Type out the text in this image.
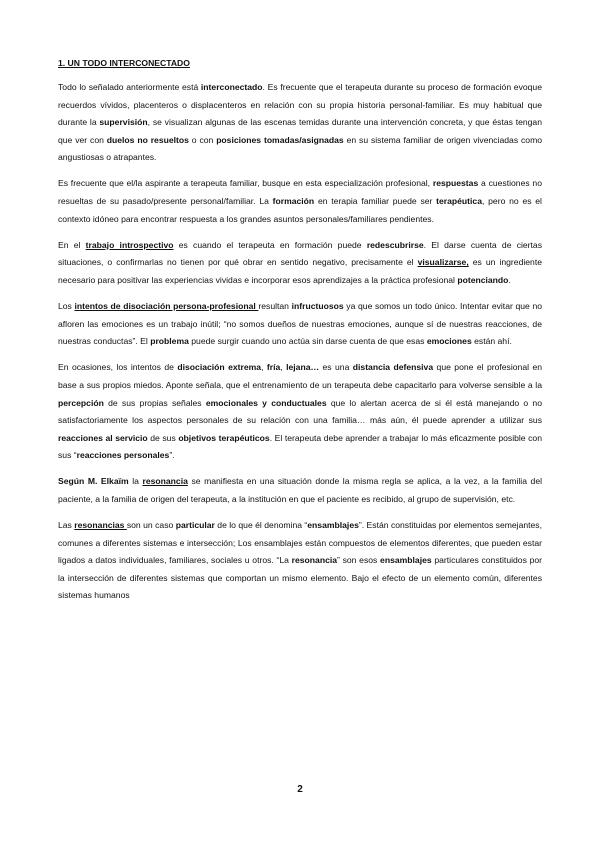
1. UN TODO INTERCONECTADO

Todo lo señalado anteriormente está interconectado. Es frecuente que el terapeuta durante su proceso de formación evoque recuerdos vívidos, placenteros o displacenteros en relación con su propia historia personal-familiar. Es muy habitual que durante la supervisión, se visualizan algunas de las escenas temidas durante una intervención concreta, y que éstas tengan que ver con duelos no resueltos o con posiciones tomadas/asignadas en su sistema familiar de origen vivenciadas como angustiosas o atrapantes.

Es frecuente que el/la aspirante a terapeuta familiar, busque en esta especialización profesional, respuestas a cuestiones no resueltas de su pasado/presente personal/familiar. La formación en terapia familiar puede ser terapéutica, pero no es el contexto idóneo para encontrar respuesta a los grandes asuntos personales/familiares pendientes.

En el trabajo introspectivo es cuando el terapeuta en formación puede redescubrirse. El darse cuenta de ciertas situaciones, o confirmarlas no tienen por qué obrar en sentido negativo, precisamente el visualizarse, es un ingrediente necesario para positivar las experiencias vividas e incorporar esos aprendizajes a la práctica profesional potenciando.

Los intentos de disociación persona-profesional resultan infructuosos ya que somos un todo único. Intentar evitar que no afloren las emociones es un trabajo inútil; “no somos dueños de nuestras emociones, aunque sí de nuestras reacciones, de nuestras conductas”. El problema puede surgir cuando uno actúa sin darse cuenta de que esas emociones están ahí.

En ocasiones, los intentos de disociación extrema, fría, lejana… es una distancia defensiva que pone el profesional en base a sus propios miedos. Aponte señala, que el entrenamiento de un terapeuta debe capacitarlo para volverse sensible a la percepción de sus propias señales emocionales y conductuales que lo alertan acerca de si él está manejando o no satisfactoriamente los aspectos personales de su relación con una familia… más aún, él puede aprender a utilizar sus reacciones al servicio de sus objetivos terapéuticos. El terapeuta debe aprender a trabajar lo más eficazmente posible con sus “reacciones personales”.

Según M. Elkaïm la resonancia se manifiesta en una situación donde la misma regla se aplica, a la vez, a la familia del paciente, a la familia de origen del terapeuta, a la institución en que el paciente es recibido, al grupo de supervisión, etc.

Las resonancias son un caso particular de lo que él denomina “ensamblajes”. Están constituidas por elementos semejantes, comunes a diferentes sistemas e intersección; Los ensamblajes están compuestos de elementos diferentes, que pueden estar ligados a datos individuales, familiares, sociales u otros. “La resonancia” son esos ensamblajes particulares constituidos por la intersección de diferentes sistemas que comportan un mismo elemento. Bajo el efecto de un elemento común, diferentes sistemas humanos

2
